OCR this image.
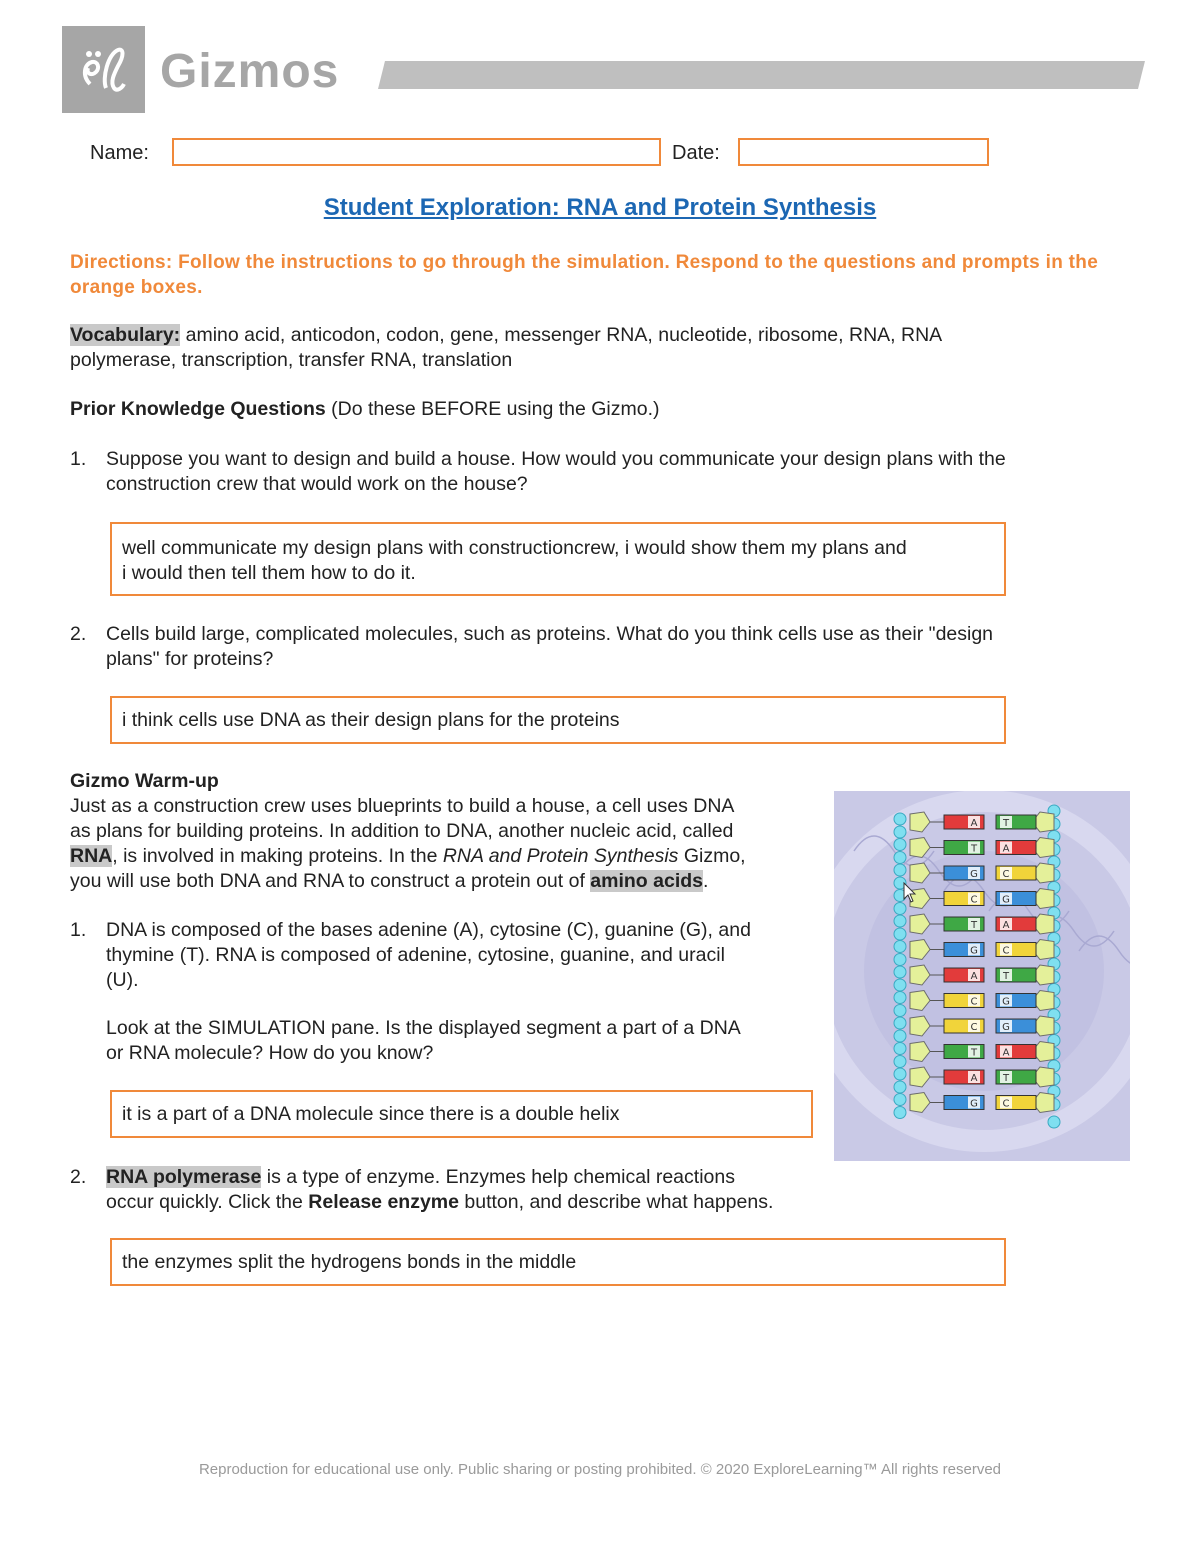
Gizmos
Name:	Date:
Student Exploration: RNA and Protein Synthesis
Directions: Follow the instructions to go through the simulation. Respond to the questions and prompts in the orange boxes.
Vocabulary: amino acid, anticodon, codon, gene, messenger RNA, nucleotide, ribosome, RNA, RNA
polymerase, transcription, transfer RNA, translation
Prior Knowledge Questions (Do these BEFORE using the Gizmo.)
1. Suppose you want to design and build a house. How would you communicate your design plans with the
construction crew that would work on the house?
well communicate my design plans with constructioncrew, i would show them my plans and
i would then tell them how to do it.
2. Cells build large, complicated molecules, such as proteins. What do you think cells use as their "design
plans" for proteins?
i think cells use DNA as their design plans for the proteins
Gizmo Warm-up
Just as a construction crew uses blueprints to build a house, a cell uses DNA
as plans for building proteins. In addition to DNA, another nucleic acid, called
RNA, is involved in making proteins. In the RNA and Protein Synthesis Gizmo,
you will use both DNA and RNA to construct a protein out of amino acids.
1. DNA is composed of the bases adenine (A), cytosine (C), guanine (G), and
thymine (T). RNA is composed of adenine, cytosine, guanine, and uracil
(U).

Look at the SIMULATION pane. Is the displayed segment a part of a DNA
or RNA molecule? How do you know?
it is a part of a DNA molecule since there is a double helix
A	T
T	A
G C
C G
T	A
G C
A	T
C G
C G
T	A
A	T
G C
2. RNA polymerase is a type of enzyme. Enzymes help chemical reactions
occur quickly. Click the Release enzyme button, and describe what happens.
the enzymes split the hydrogens bonds in the middle
Reproduction for educational use only. Public sharing or posting prohibited. © 2020 ExploreLearning™ All rights reserved
